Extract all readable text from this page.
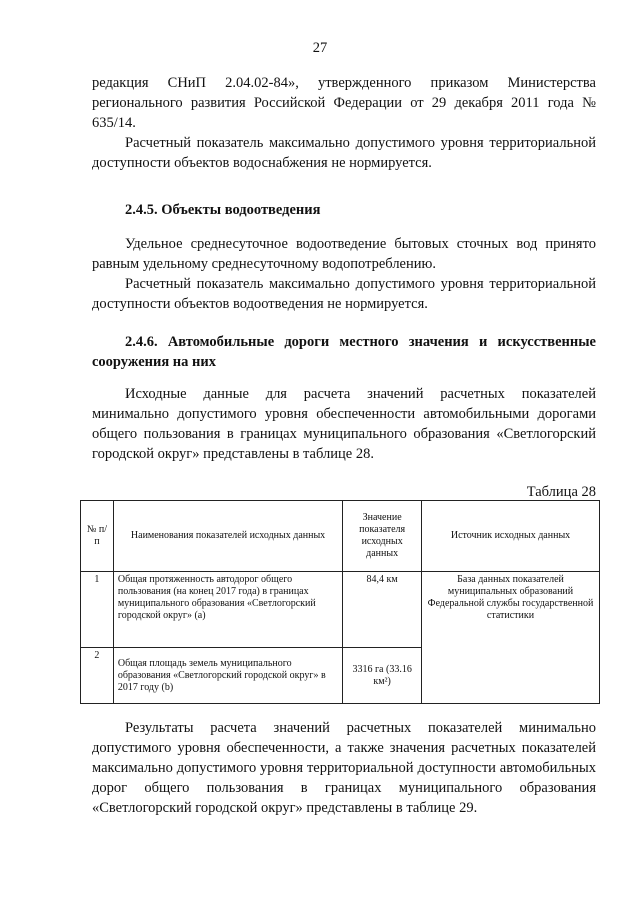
27
редакция СНиП 2.04.02-84», утвержденного приказом Министерства регионального развития Российской Федерации от 29 декабря 2011 года № 635/14.
Расчетный показатель максимально допустимого уровня территориальной доступности объектов водоснабжения не нормируется.
2.4.5. Объекты водоотведения
Удельное среднесуточное водоотведение бытовых сточных вод принято равным удельному среднесуточному водопотреблению.
Расчетный показатель максимально допустимого уровня территориальной доступности объектов водоотведения не нормируется.
2.4.6. Автомобильные дороги местного значения и искусственные сооружения на них
Исходные данные для расчета значений расчетных показателей минимально допустимого уровня обеспеченности автомобильными дорогами общего пользования в границах муниципального образования «Светлогорский городской округ» представлены в таблице 28.
Таблица 28
№ п/п	Наименования показателей исходных данных	Значение показателя исходных данных	Источник исходных данных
1	Общая протяженность автодорог общего пользования (на конец 2017 года) в границах муниципального образования «Светлогорский городской округ» (a)	84,4 км	База данных показателей муниципальных образований Федеральной службы государственной статистики
2	Общая площадь земель муниципального образования «Светлогорский городской округ» в 2017 году (b)	3316 га (33.16 км²)	
Результаты расчета значений расчетных показателей минимально допустимого уровня обеспеченности, а также значения расчетных показателей максимально допустимого уровня территориальной доступности автомобильных дорог общего пользования в границах муниципального образования «Светлогорский городской округ» представлены в таблице 29.
